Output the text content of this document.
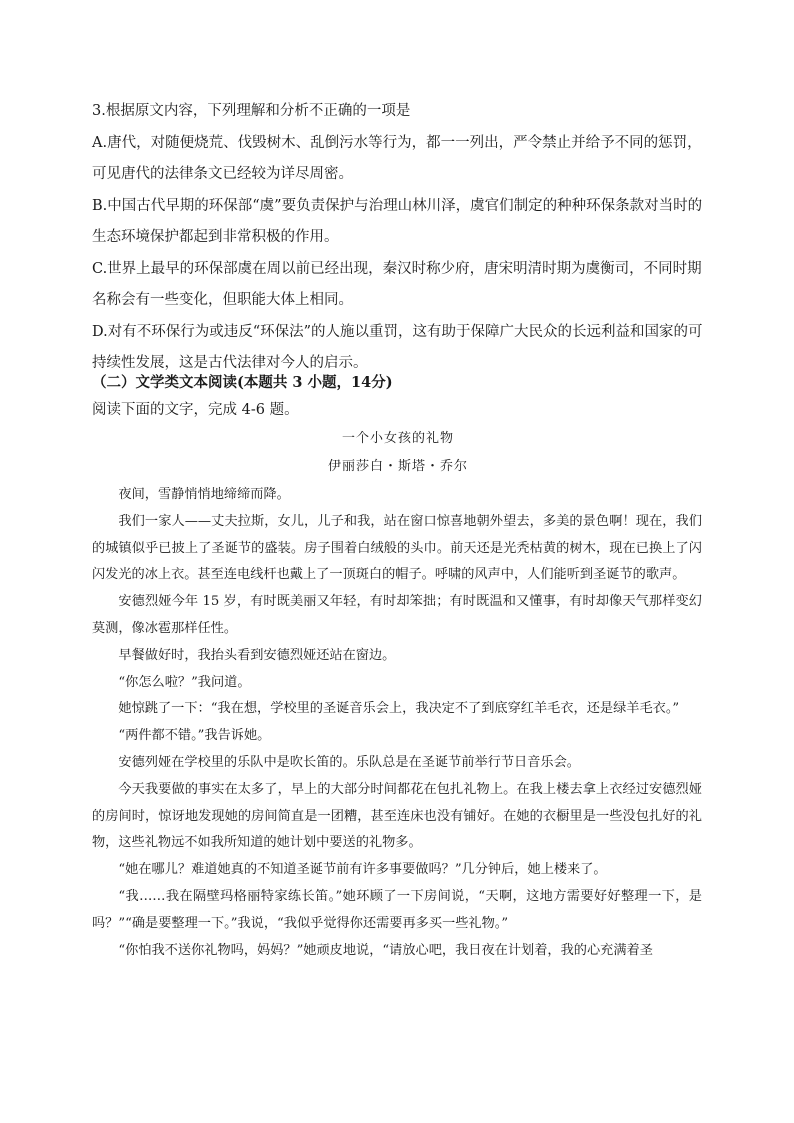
3.根据原文内容，下列理解和分析不正确的一项是

A.唐代，对随便烧荒、伐毁树木、乱倒污水等行为，都一一列出，严令禁止并给予不同的惩罚，可见唐代的法律条文已经较为详尽周密。

B.中国古代早期的环保部“虞”要负责保护与治理山林川泽，虞官们制定的种种环保条款对当时的生态环境保护都起到非常积极的作用。

C.世界上最早的环保部虞在周以前已经出现，秦汉时称少府，唐宋明清时期为虞衡司，不同时期名称会有一些变化，但职能大体上相同。

D.对有不环保行为或违反“环保法”的人施以重罚，这有助于保障广大民众的长远利益和国家的可持续性发展，这是古代法律对今人的启示。

（二）文学类文本阅读(本题共 3 小题，14分)

阅读下面的文字，完成 4-6 题。

一个小女孩的礼物

伊丽莎白・斯塔・乔尔

夜间，雪静悄悄地缔缔而降。

我们一家人——丈夫拉斯，女儿，儿子和我，站在窗口惊喜地朝外望去，多美的景色啊！现在，我们的城镇似乎已披上了圣诞节的盛装。房子围着白绒般的头巾。前天还是光秃枯黄的树木，现在已换上了闪闪发光的冰上衣。甚至连电线杆也戴上了一顶斑白的帽子。呼啸的风声中，人们能听到圣诞节的歌声。

安德烈娅今年 15 岁，有时既美丽又年轻，有时却笨拙；有时既温和又懂事，有时却像天气那样变幻莫测，像冰雹那样任性。

早餐做好时，我抬头看到安德烈娅还站在窗边。

“你怎么啦？”我问道。

她惊跳了一下：“我在想，学校里的圣诞音乐会上，我决定不了到底穿红羊毛衣，还是绿羊毛衣。”

“两件都不错。”我告诉她。

安德列娅在学校里的乐队中是吹长笛的。乐队总是在圣诞节前举行节日音乐会。

今天我要做的事实在太多了，早上的大部分时间都花在包扎礼物上。在我上楼去拿上衣经过安德烈娅的房间时，惊讶地发现她的房间简直是一团糟，甚至连床也没有铺好。在她的衣橱里是一些没包扎好的礼物，这些礼物远不如我所知道的她计划中要送的礼物多。

“她在哪儿？难道她真的不知道圣诞节前有许多事要做吗？”几分钟后，她上楼来了。

“我……我在隔壁玛格丽特家练长笛。”她环顾了一下房间说，“天啊，这地方需要好好整理一下，是吗？”“确是要整理一下。”我说，“我似乎觉得你还需要再多买一些礼物。”

“你怕我不送你礼物吗，妈妈？”她顽皮地说，“请放心吧，我日夜在计划着，我的心充满着圣
